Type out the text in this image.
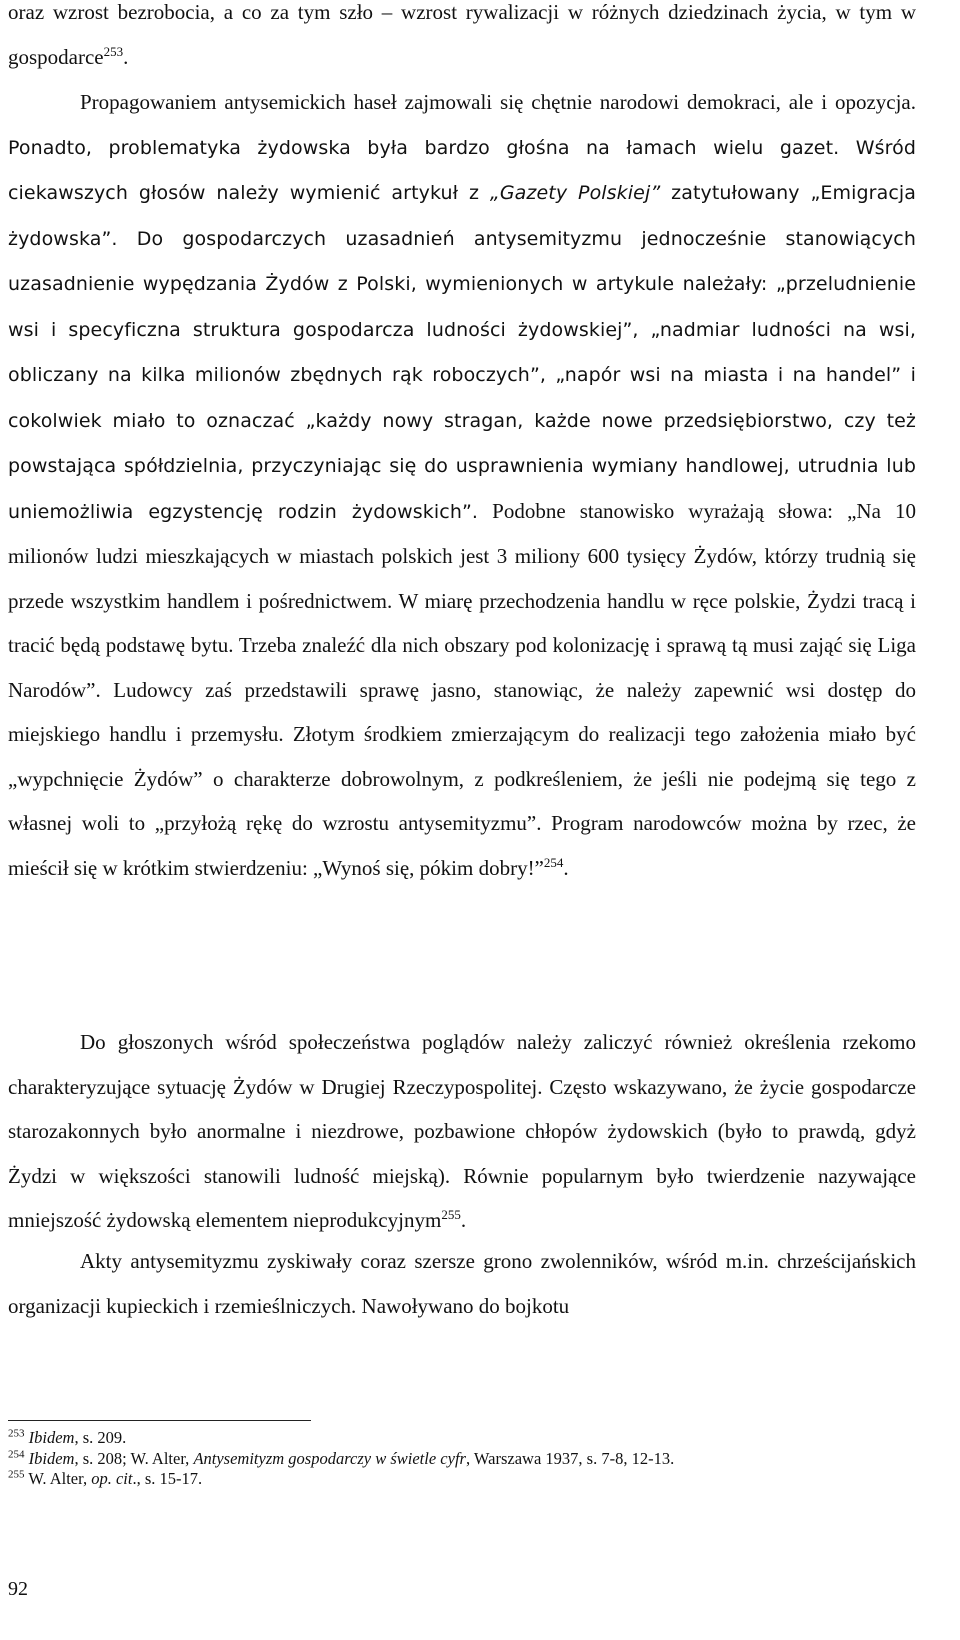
oraz wzrost bezrobocia, a co za tym szło – wzrost rywalizacji w różnych dziedzinach życia, w tym w gospodarce$^{253}$.

Propagowaniem antysemickich haseł zajmowali się chętnie narodowi demokraci, ale i opozycja. Ponadto, problematyka żydowska była bardzo głośna na łamach wielu gazet. Wśród ciekawszych głosów należy wymienić artykuł z „Gazety Polskiej” zatytułowany „Emigracja żydowska”. Do gospodarczych uzasadnień antysemityzmu jednocześnie stanowiących uzasadnienie wypędzania Żydów z Polski, wymienionych w artykule należały: „przeludnienie wsi i specyficzna struktura gospodarcza ludności żydowskiej”, „nadmiar ludności na wsi, obliczany na kilka milionów zbędnych rąk roboczych”, „napór wsi na miasta i na handel” i cokolwiek miało to oznaczać „każdy nowy stragan, każde nowe przedsiębiorstwo, czy też powstająca spółdzielnia, przyczyniając się do usprawnienia wymiany handlowej, utrudnia lub uniemożliwia egzystencję rodzin żydowskich”. Podobne stanowisko wyrażają słowa: „Na 10 milionów ludzi mieszkających w miastach polskich jest 3 miliony 600 tysięcy Żydów, którzy trudnią się przede wszystkim handlem i pośrednictwem. W miarę przechodzenia handlu w ręce polskie, Żydzi tracą i tracić będą podstawę bytu. Trzeba znaleźć dla nich obszary pod kolonizację i sprawą tą musi zająć się Liga Narodów”. Ludowcy zaś przedstawili sprawę jasno, stanowiąc, że należy zapewnić wsi dostęp do miejskiego handlu i przemysłu. Złotym środkiem zmierzającym do realizacji tego założenia miało być „wypchnięcie Żydów” o charakterze dobrowolnym, z podkreśleniem, że jeśli nie podejmą się tego z własnej woli to „przyłożą rękę do wzrostu antysemityzmu”. Program narodowców można by rzec, że mieścił się w krótkim stwierdzeniu: „Wynoś się, pókim dobry!”$^{254}$.

Do głoszonych wśród społeczeństwa poglądów należy zaliczyć również określenia rzekomo charakteryzujące sytuację Żydów w Drugiej Rzeczypospolitej. Często wskazywano, że życie gospodarcze starozakonnych było anormalne i niezdrowe, pozbawione chłopów żydowskich (było to prawdą, gdyż Żydzi w większości stanowili ludność miejską). Równie popularnym było twierdzenie nazywające mniejszość żydowską elementem nieprodukcyjnym$^{255}$.

Akty antysemityzmu zyskiwały coraz szersze grono zwolenników, wśród m.in. chrześcijańskich organizacji kupieckich i rzemieślniczych. Nawoływano do bojkotu

$^{253}$ Ibidem, s. 209.

$^{254}$ Ibidem, s. 208; W. Alter, Antysemityzm gospodarczy w świetle cyfr, Warszawa 1937, s. 7-8, 12-13.

$^{255}$ W. Alter, op. cit., s. 15-17.

92
